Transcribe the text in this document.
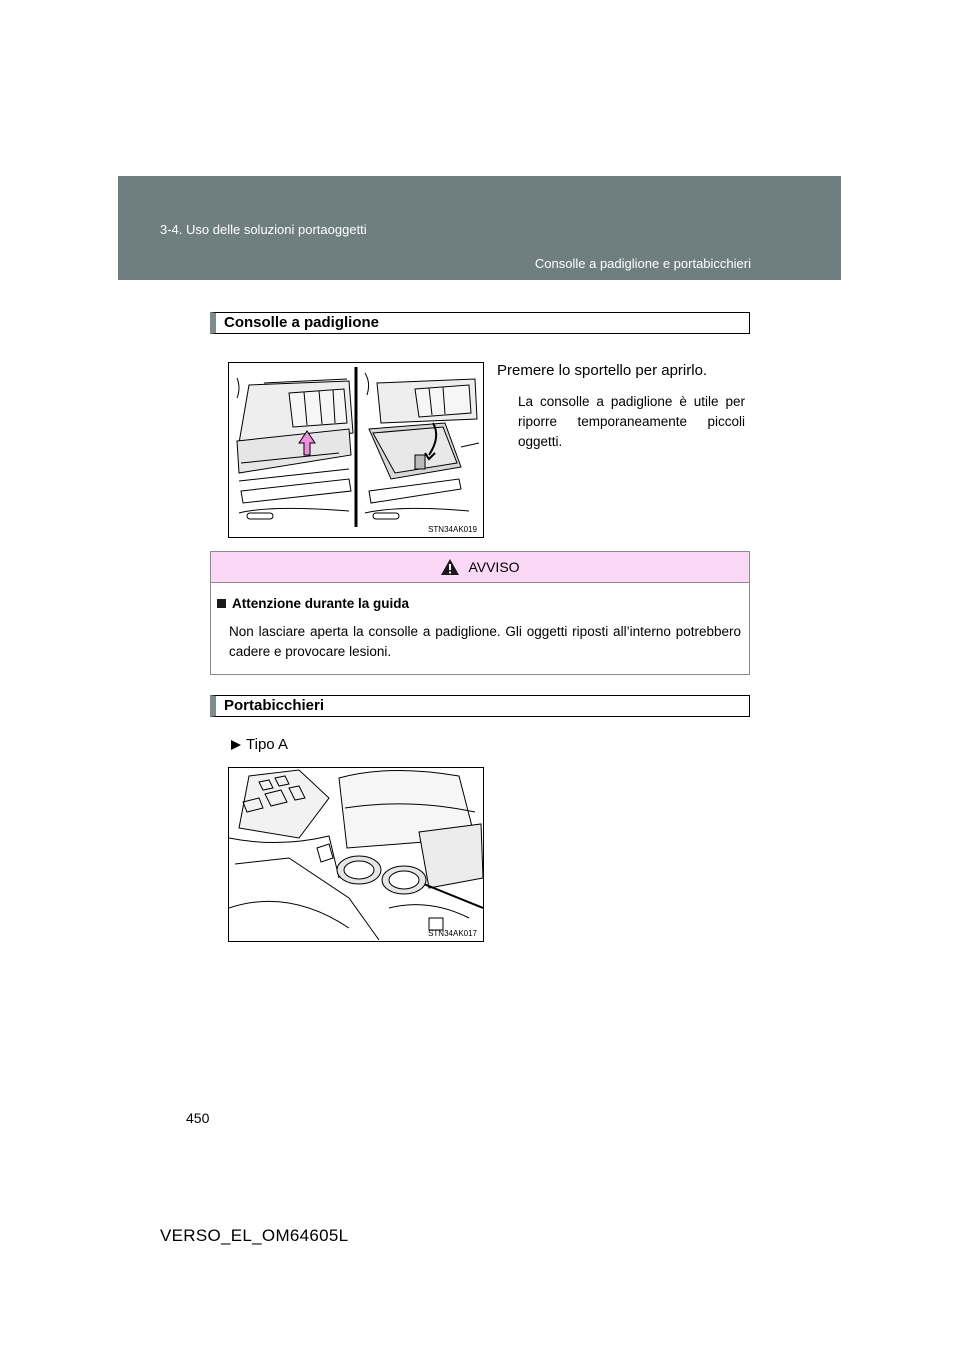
3-4. Uso delle soluzioni portaoggetti
Consolle a padiglione e portabicchieri
Consolle a padiglione
STN34AK019
Premere lo sportello per aprirlo.
La consolle a padiglione è utile per riporre temporaneamente piccoli oggetti.
AVVISO
Attenzione durante la guida
Non lasciare aperta la consolle a padiglione. Gli oggetti riposti all’interno potrebbero cadere e provocare lesioni.
Portabicchieri
Tipo A
STN34AK017
450
VERSO_EL_OM64605L
